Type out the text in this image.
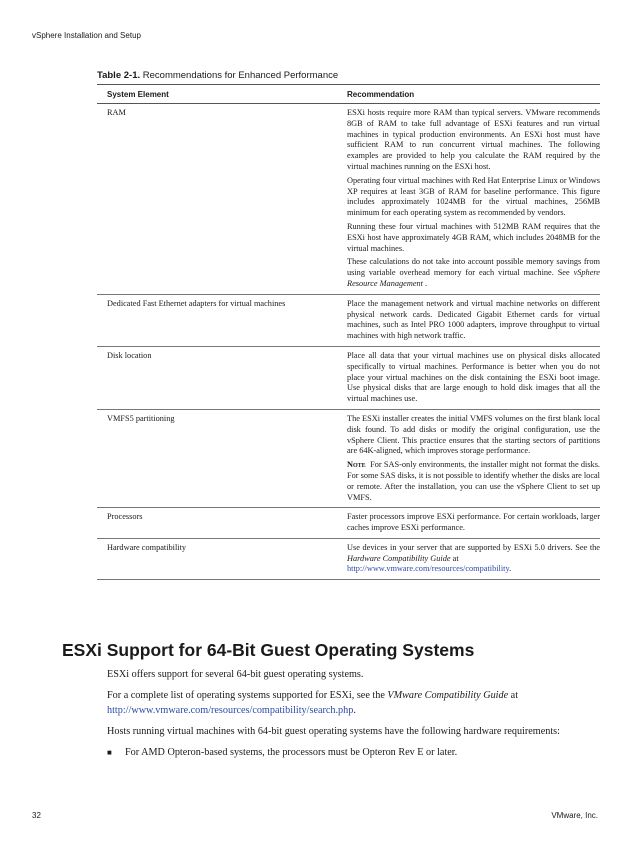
vSphere Installation and Setup
Table 2-1. Recommendations for Enhanced Performance
System Element	Recommendation
RAM	ESXi hosts require more RAM than typical servers. VMware recommends 8GB of RAM to take full advantage of ESXi features and run virtual machines in typical production environments. An ESXi host must have sufficient RAM to run concurrent virtual machines. The following examples are provided to help you calculate the RAM required by the virtual machines running on the ESXi host.

Operating four virtual machines with Red Hat Enterprise Linux or Windows XP requires at least 3GB of RAM for baseline performance. This figure includes approximately 1024MB for the virtual machines, 256MB minimum for each operating system as recommended by vendors.

Running these four virtual machines with 512MB RAM requires that the ESXi host have approximately 4GB RAM, which includes 2048MB for the virtual machines.

These calculations do not take into account possible memory savings from using variable overhead memory for each virtual machine. See vSphere Resource Management .

Dedicated Fast Ethernet adapters for virtual machines	Place the management network and virtual machine networks on different physical network cards. Dedicated Gigabit Ethernet cards for virtual machines, such as Intel PRO 1000 adapters, improve throughput to virtual machines with high network traffic.

Disk location	Place all data that your virtual machines use on physical disks allocated specifically to virtual machines. Performance is better when you do not place your virtual machines on the disk containing the ESXi boot image. Use physical disks that are large enough to hold disk images that all the virtual machines use.

VMFS5 partitioning	The ESXi installer creates the initial VMFS volumes on the first blank local disk found. To add disks or modify the original configuration, use the vSphere Client. This practice ensures that the starting sectors of partitions are 64K-aligned, which improves storage performance.

Note For SAS-only environments, the installer might not format the disks. For some SAS disks, it is not possible to identify whether the disks are local or remote. After the installation, you can use the vSphere Client to set up VMFS.

Processors	Faster processors improve ESXi performance. For certain workloads, larger caches improve ESXi performance.

Hardware compatibility	Use devices in your server that are supported by ESXi 5.0 drivers. See the Hardware Compatibility Guide at
http://www.vmware.com/resources/compatibility.

ESXi Support for 64-Bit Guest Operating Systems

ESXi offers support for several 64-bit guest operating systems.

For a complete list of operating systems supported for ESXi, see the VMware Compatibility Guide at
http://www.vmware.com/resources/compatibility/search.php.

Hosts running virtual machines with 64-bit guest operating systems have the following hardware requirements:

■	For AMD Opteron-based systems, the processors must be Opteron Rev E or later.
32	VMware, Inc.
